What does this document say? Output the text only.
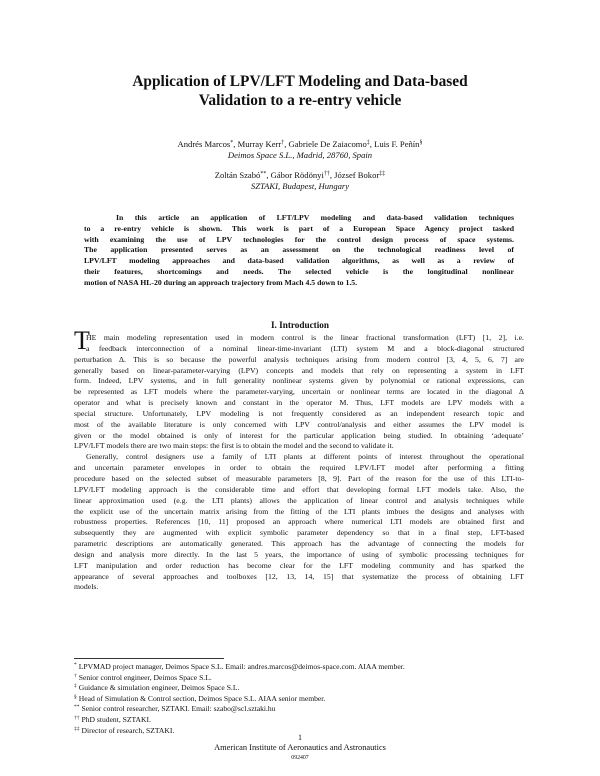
Application of LPV/LFT Modeling and Data-based
Validation to a re-entry vehicle
Andrés Marcos*, Murray Kerr†, Gabriele De Zaiacomo‡, Luis F. Peñín§
Deimos Space S.L., Madrid, 28760, Spain
Zoltán Szabó**, Gábor Rödönyi††, József Bokor‡‡
SZTAKI, Budapest, Hungary
In this article an application of LFT/LPV modeling and data-based validation techniques
to a re-entry vehicle is shown. This work is part of a European Space Agency project tasked
with examining the use of LPV technologies for the control design process of space systems.
The application presented serves as an assessment on the technological readiness level of
LPV/LFT modeling approaches and data-based validation algorithms, as well as a review of
their features, shortcomings and needs. The selected vehicle is the longitudinal nonlinear
motion of NASA HL-20 during an approach trajectory from Mach 4.5 down to 1.5.
I. Introduction
T
HE main modeling representation used in modern control is the linear fractional transformation (LFT) [1, 2], i.e.
a feedback interconnection of a nominal linear-time-invariant (LTI) system M and a block-diagonal structured
perturbation Δ. This is so because the powerful analysis techniques arising from modern control [3, 4, 5, 6, 7] are
generally based on linear-parameter-varying (LPV) concepts and models that rely on representing a system in LFT
form. Indeed, LPV systems, and in full generality nonlinear systems given by polynomial or rational expressions, can
be represented as LFT models where the parameter-varying, uncertain or nonlinear terms are located in the diagonal Δ
operator and what is precisely known and constant in the operator M. Thus, LFT models are LPV models with a
special structure. Unfortunately, LPV modeling is not frequently considered as an independent research topic and
most of the available literature is only concerned with LPV control/analysis and either assumes the LPV model is
given or the model obtained is only of interest for the particular application being studied. In obtaining ‘adequate’
LPV/LFT models there are two main steps: the first is to obtain the model and the second to validate it.
Generally, control designers use a family of LTI plants at different points of interest throughout the operational
and uncertain parameter envelopes in order to obtain the required LPV/LFT model after performing a fitting
procedure based on the selected subset of measurable parameters [8, 9]. Part of the reason for the use of this LTI-to-
LPV/LFT modeling approach is the considerable time and effort that developing formal LFT models take. Also, the
linear approximation used (e.g. the LTI plants) allows the application of linear control and analysis techniques while
the explicit use of the uncertain matrix arising from the fitting of the LTI plants imbues the designs and analyses with
robustness properties. References [10, 11] proposed an approach where numerical LTI models are obtained first and
subsequently they are augmented with explicit symbolic parameter dependency so that in a final step, LFT-based
parametric descriptions are automatically generated. This approach has the advantage of connecting the models for
design and analysis more directly. In the last 5 years, the importance of using of symbolic processing techniques for
LFT manipulation and order reduction has become clear for the LFT modeling community and has sparked the
appearance of several approaches and toolboxes [12, 13, 14, 15] that systematize the process of obtaining LFT
models.
* LPVMAD project manager, Deimos Space S.L. Email: andres.marcos@deimos-space.com. AIAA member.
† Senior control engineer, Deimos Space S.L.
‡ Guidance & simulation engineer, Deimos Space S.L.
§ Head of Simulation & Control section, Deimos Space S.L. AIAA senior member.
** Senior control researcher, SZTAKI. Email: szabo@scl.sztaki.hu
†† PhD student, SZTAKI.
‡‡ Director of research, SZTAKI.
1
American Institute of Aeronautics and Astronautics
092407
